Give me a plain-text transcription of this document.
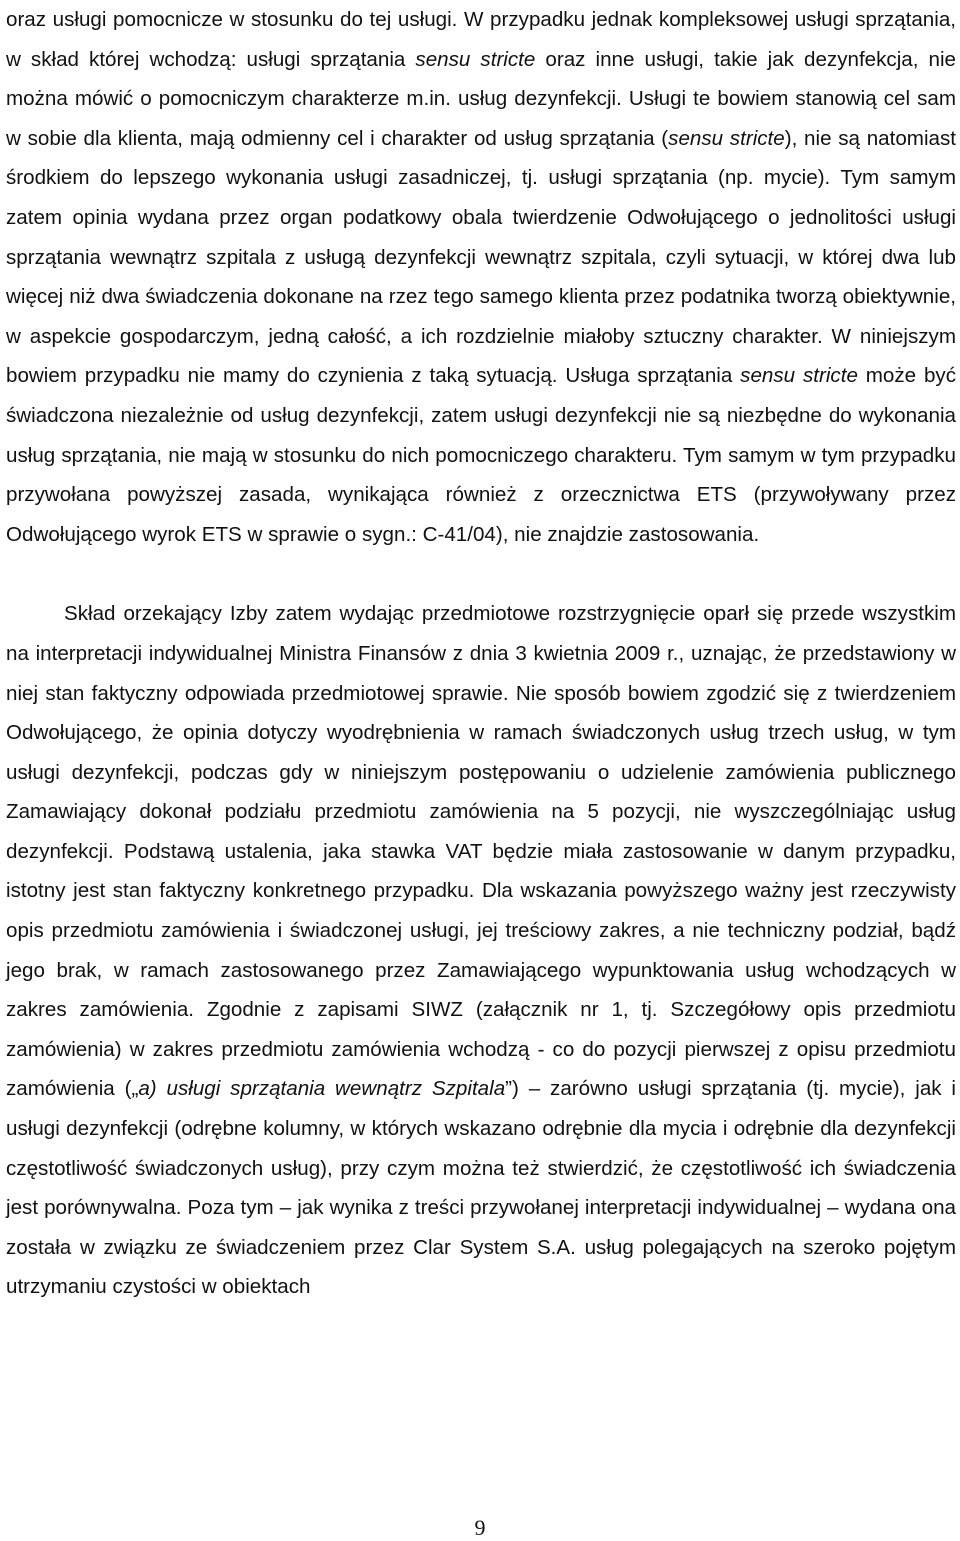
oraz usługi pomocnicze w stosunku do tej usługi. W przypadku jednak kompleksowej usługi sprzątania, w skład której wchodzą: usługi sprzątania sensu stricte oraz inne usługi, takie jak dezynfekcja, nie można mówić o pomocniczym charakterze m.in. usług dezynfekcji. Usługi te bowiem stanowią cel sam w sobie dla klienta, mają odmienny cel i charakter od usług sprzątania (sensu stricte), nie są natomiast środkiem do lepszego wykonania usługi zasadniczej, tj. usługi sprzątania (np. mycie). Tym samym zatem opinia wydana przez organ podatkowy obala twierdzenie Odwołującego o jednolitości usługi sprzątania wewnątrz szpitala z usługą dezynfekcji wewnątrz szpitala, czyli sytuacji, w której dwa lub więcej niż dwa świadczenia dokonane na rzez tego samego klienta przez podatnika tworzą obiektywnie, w aspekcie gospodarczym, jedną całość, a ich rozdzielnie miałoby sztuczny charakter. W niniejszym bowiem przypadku nie mamy do czynienia z taką sytuacją. Usługa sprzątania sensu stricte może być świadczona niezależnie od usług dezynfekcji, zatem usługi dezynfekcji nie są niezbędne do wykonania usług sprzątania, nie mają w stosunku do nich pomocniczego charakteru. Tym samym w tym przypadku przywołana powyższej zasada, wynikająca również z orzecznictwa ETS (przywoływany przez Odwołującego wyrok ETS w sprawie o sygn.: C-41/04), nie znajdzie zastosowania.

Skład orzekający Izby zatem wydając przedmiotowe rozstrzygnięcie oparł się przede wszystkim na interpretacji indywidualnej Ministra Finansów z dnia 3 kwietnia 2009 r., uznając, że przedstawiony w niej stan faktyczny odpowiada przedmiotowej sprawie. Nie sposób bowiem zgodzić się z twierdzeniem Odwołującego, że opinia dotyczy wyodrębnienia w ramach świadczonych usług trzech usług, w tym usługi dezynfekcji, podczas gdy w niniejszym postępowaniu o udzielenie zamówienia publicznego Zamawiający dokonał podziału przedmiotu zamówienia na 5 pozycji, nie wyszczególniając usług dezynfekcji. Podstawą ustalenia, jaka stawka VAT będzie miała zastosowanie w danym przypadku, istotny jest stan faktyczny konkretnego przypadku. Dla wskazania powyższego ważny jest rzeczywisty opis przedmiotu zamówienia i świadczonej usługi, jej treściowy zakres, a nie techniczny podział, bądź jego brak, w ramach zastosowanego przez Zamawiającego wypunktowania usług wchodzących w zakres zamówienia. Zgodnie z zapisami SIWZ (załącznik nr 1, tj. Szczegółowy opis przedmiotu zamówienia) w zakres przedmiotu zamówienia wchodzą - co do pozycji pierwszej z opisu przedmiotu zamówienia („a) usługi sprzątania wewnątrz Szpitala”) – zarówno usługi sprzątania (tj. mycie), jak i usługi dezynfekcji (odrębne kolumny, w których wskazano odrębnie dla mycia i odrębnie dla dezynfekcji częstotliwość świadczonych usług), przy czym można też stwierdzić, że częstotliwość ich świadczenia jest porównywalna. Poza tym – jak wynika z treści przywołanej interpretacji indywidualnej – wydana ona została w związku ze świadczeniem przez Clar System S.A. usług polegających na szeroko pojętym utrzymaniu czystości w obiektach

9
